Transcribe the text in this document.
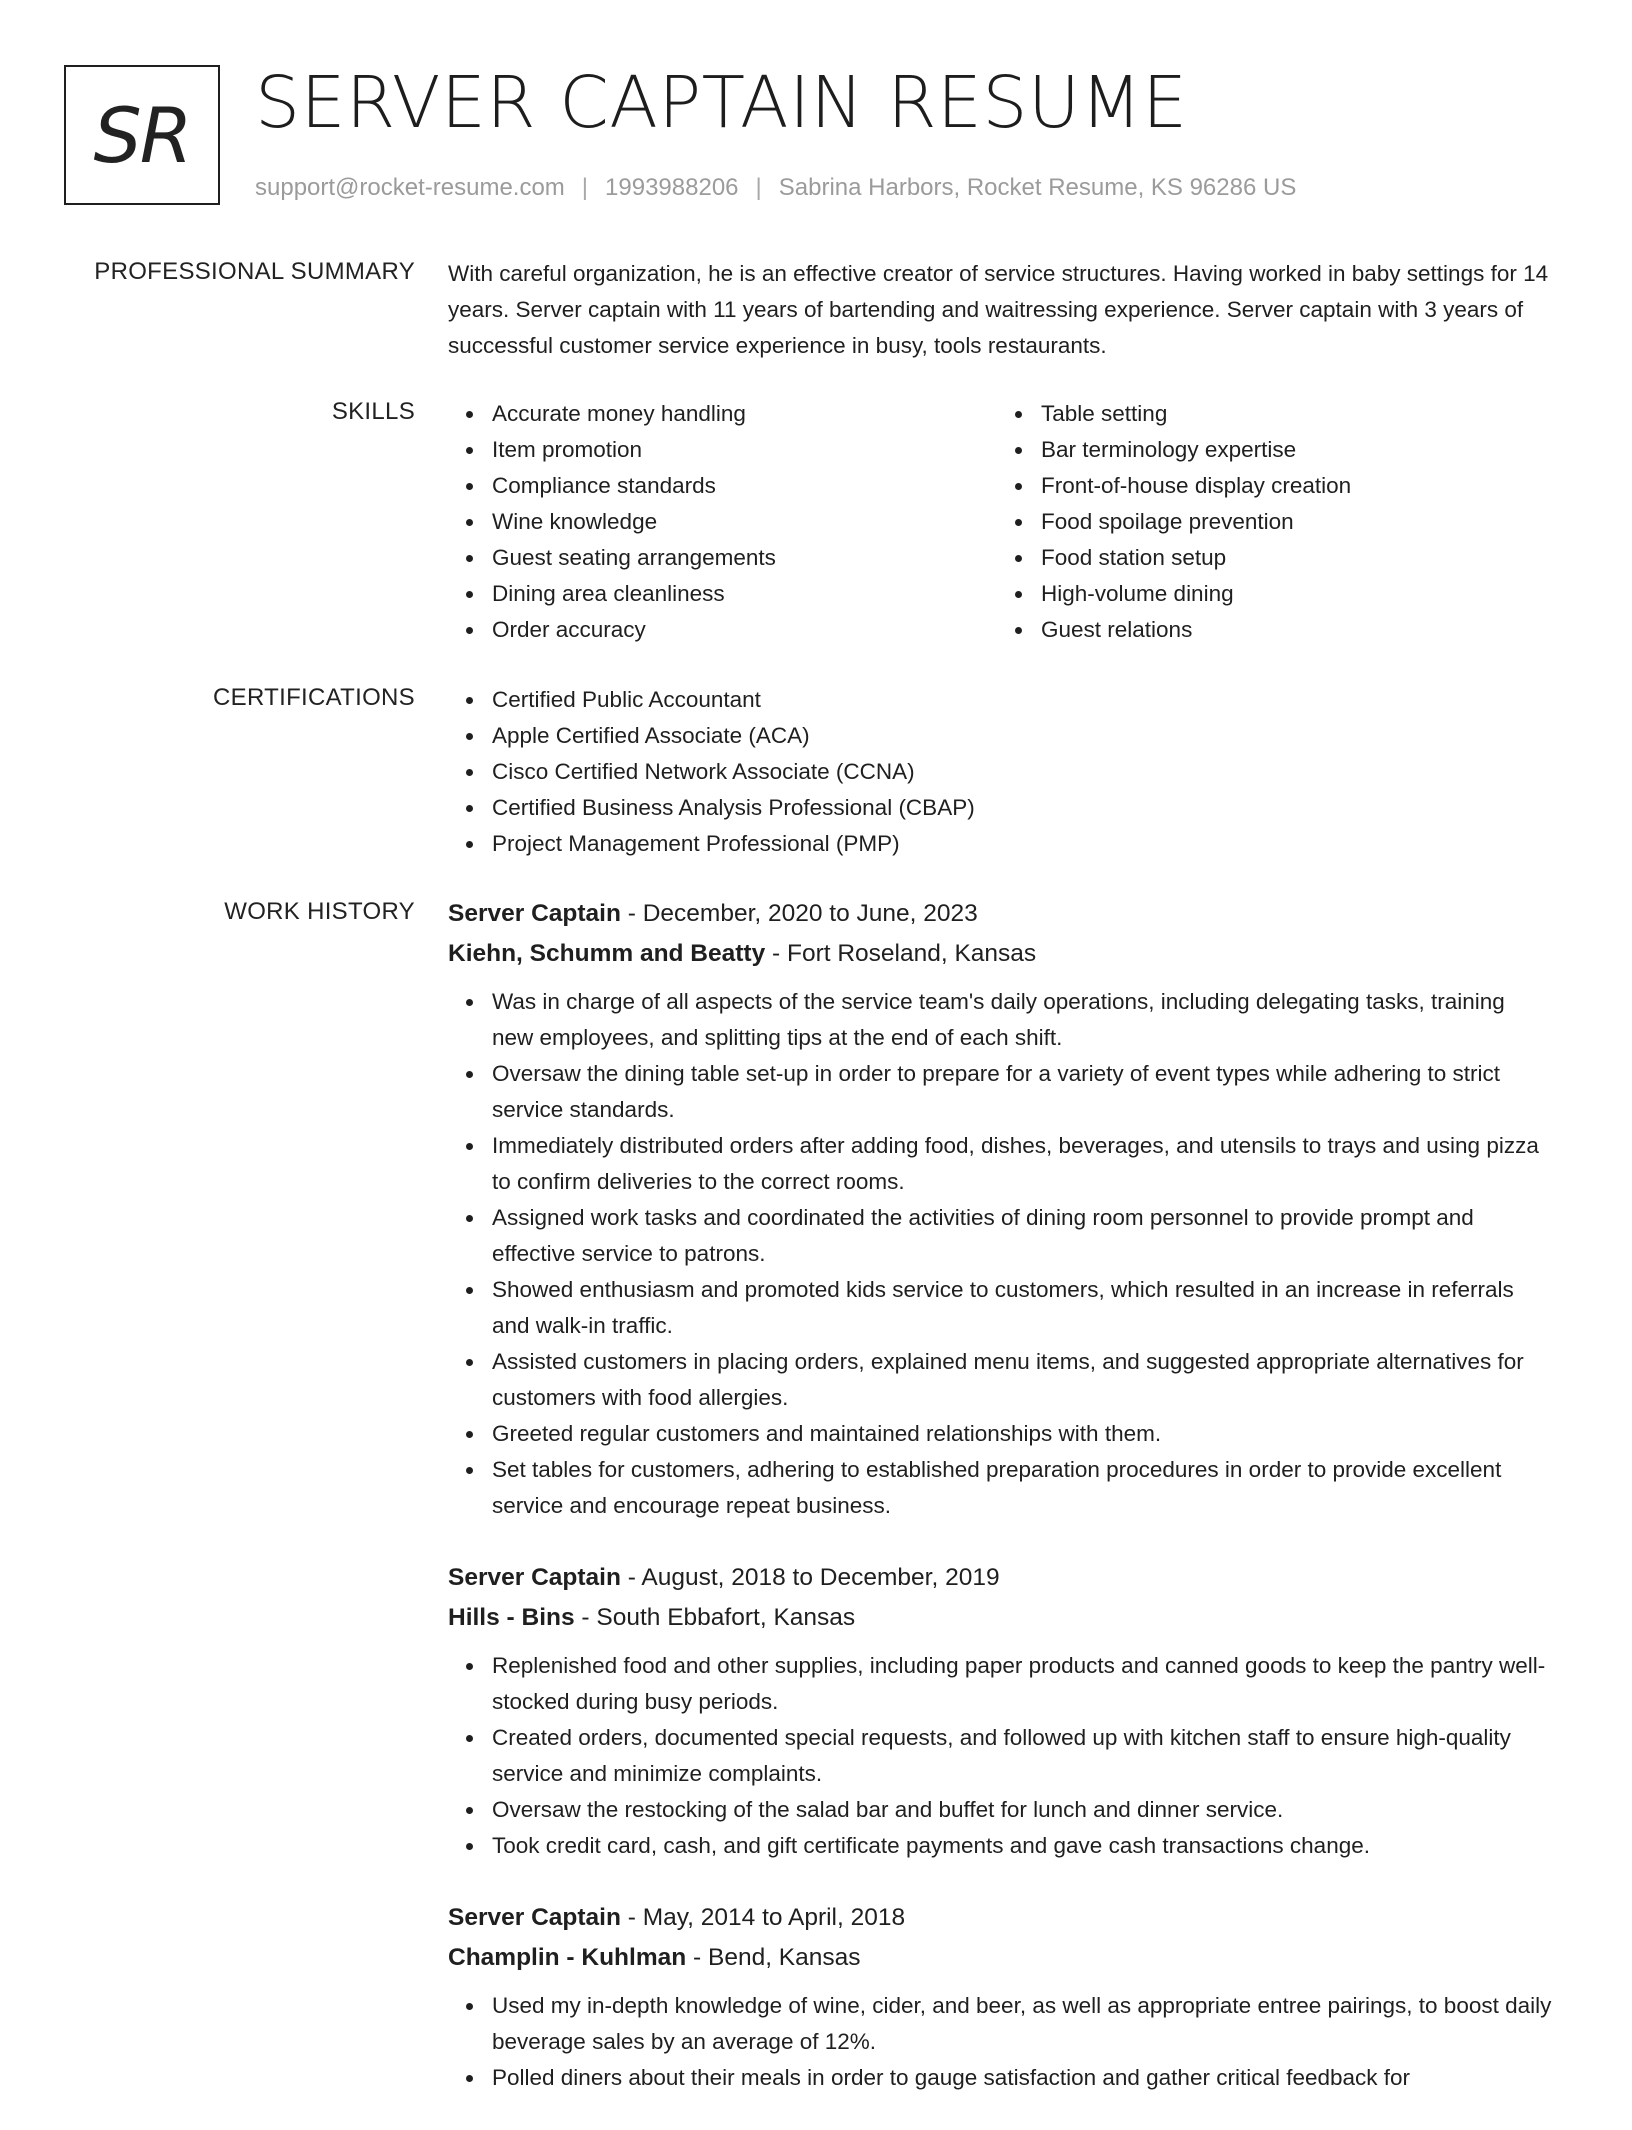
SR SERVER CAPTAIN RESUME
support@rocket-resume.com | 1993988206 | Sabrina Harbors, Rocket Resume, KS 96286 US
PROFESSIONAL SUMMARY With careful organization, he is an effective creator of service structures. Having worked in baby settings for 14 years. Server captain with 11 years of bartending and waitressing experience. Server captain with 3 years of successful customer service experience in busy, tools restaurants.
SKILLS	Accurate money handling
Item promotion
Compliance standards
Wine knowledge
Guest seating arrangements
Dining area cleanliness
Order accuracy
Table setting
Bar terminology expertise
Front-of-house display creation
Food spoilage prevention
Food station setup
High-volume dining
Guest relations
CERTIFICATIONS	Certified Public Accountant
Apple Certified Associate (ACA)
Cisco Certified Network Associate (CCNA)
Certified Business Analysis Professional (CBAP)
Project Management Professional (PMP)
WORK HISTORY Server Captain - December, 2020 to June, 2023
Kiehn, Schumm and Beatty - Fort Roseland, Kansas
Was in charge of all aspects of the service team's daily operations, including delegating tasks, training new employees, and splitting tips at the end of each shift.
Oversaw the dining table set-up in order to prepare for a variety of event types while adhering to strict service standards.
Immediately distributed orders after adding food, dishes, beverages, and utensils to trays and using pizza to confirm deliveries to the correct rooms.
Assigned work tasks and coordinated the activities of dining room personnel to provide prompt and effective service to patrons.
Showed enthusiasm and promoted kids service to customers, which resulted in an increase in referrals and walk-in traffic.
Assisted customers in placing orders, explained menu items, and suggested appropriate alternatives for customers with food allergies.
Greeted regular customers and maintained relationships with them.
Set tables for customers, adhering to established preparation procedures in order to provide excellent service and encourage repeat business.
Server Captain - August, 2018 to December, 2019
Hills - Bins - South Ebbafort, Kansas
Replenished food and other supplies, including paper products and canned goods to keep the pantry well-stocked during busy periods.
Created orders, documented special requests, and followed up with kitchen staff to ensure high-quality service and minimize complaints.
Oversaw the restocking of the salad bar and buffet for lunch and dinner service.
Took credit card, cash, and gift certificate payments and gave cash transactions change.
Server Captain - May, 2014 to April, 2018
Champlin - Kuhlman - Bend, Kansas
Used my in-depth knowledge of wine, cider, and beer, as well as appropriate entree pairings, to boost daily beverage sales by an average of 12%.
Polled diners about their meals in order to gauge satisfaction and gather critical feedback for
